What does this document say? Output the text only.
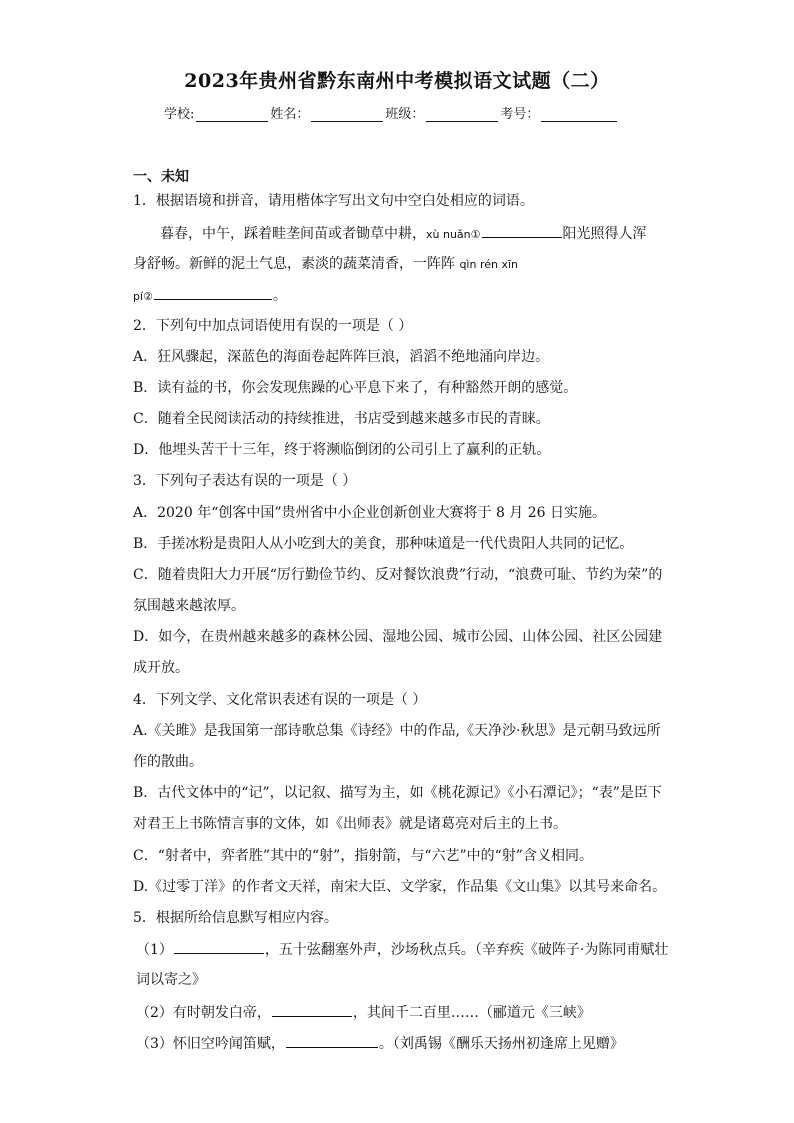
2023年贵州省黔东南州中考模拟语文试题（二）
学校:	姓名：	班级：	考号：
一、未知
1．根据语境和拼音，请用楷体字写出文句中空白处相应的词语。
暮春，中午，踩着畦垄间苗或者锄草中耕，xù nuǎn①	阳光照得人浑
身舒畅。新鲜的泥土气息，素淡的蔬菜清香，一阵阵 qìn rén xīn
pí②	。
2．下列句中加点词语使用有误的一项是（ ）
A．狂风骤起，深蓝色的海面卷起阵阵巨浪，滔滔不绝地涌向岸边。
B．读有益的书，你会发现焦躁的心平息下来了，有种豁然开朗的感觉。
C．随着全民阅读活动的持续推进，书店受到越来越多市民的青睐。
D．他埋头苦干十三年，终于将濒临倒闭的公司引上了赢利的正轨。
3．下列句子表达有误的一项是（ ）
A．2020 年“创客中国”贵州省中小企业创新创业大赛将于 8 月 26 日实施。
B．手搓冰粉是贵阳人从小吃到大的美食，那种味道是一代代贵阳人共同的记忆。
C．随着贵阳大力开展“厉行勤俭节约、反对餐饮浪费”行动，“浪费可耻、节约为荣”的
氛围越来越浓厚。
D．如今，在贵州越来越多的森林公园、湿地公园、城市公园、山体公园、社区公园建
成开放。
4．下列文学、文化常识表述有误的一项是（ ）
A.《关雎》是我国第一部诗歌总集《诗经》中的作品,《天净沙·秋思》是元朝马致远所
作的散曲。
B．古代文体中的“记”，以记叙、描写为主，如《桃花源记》《小石潭记》；“表”是臣下
对君王上书陈情言事的文体，如《出师表》就是诸葛亮对后主的上书。
C．“射者中，弈者胜”其中的“射”，指射箭，与“六艺”中的“射”含义相同。
D.《过零丁洋》的作者文天祥，南宋大臣、文学家，作品集《文山集》以其号来命名。
5．根据所给信息默写相应内容。
（1）	，五十弦翻塞外声，沙场秋点兵。（辛弃疾《破阵子·为陈同甫赋壮
词以寄之》
（2）有时朝发白帝，	，其间千二百里……（郦道元《三峡》
（3）怀旧空吟闻笛赋，	。（刘禹锡《酬乐天扬州初逢席上见赠》
